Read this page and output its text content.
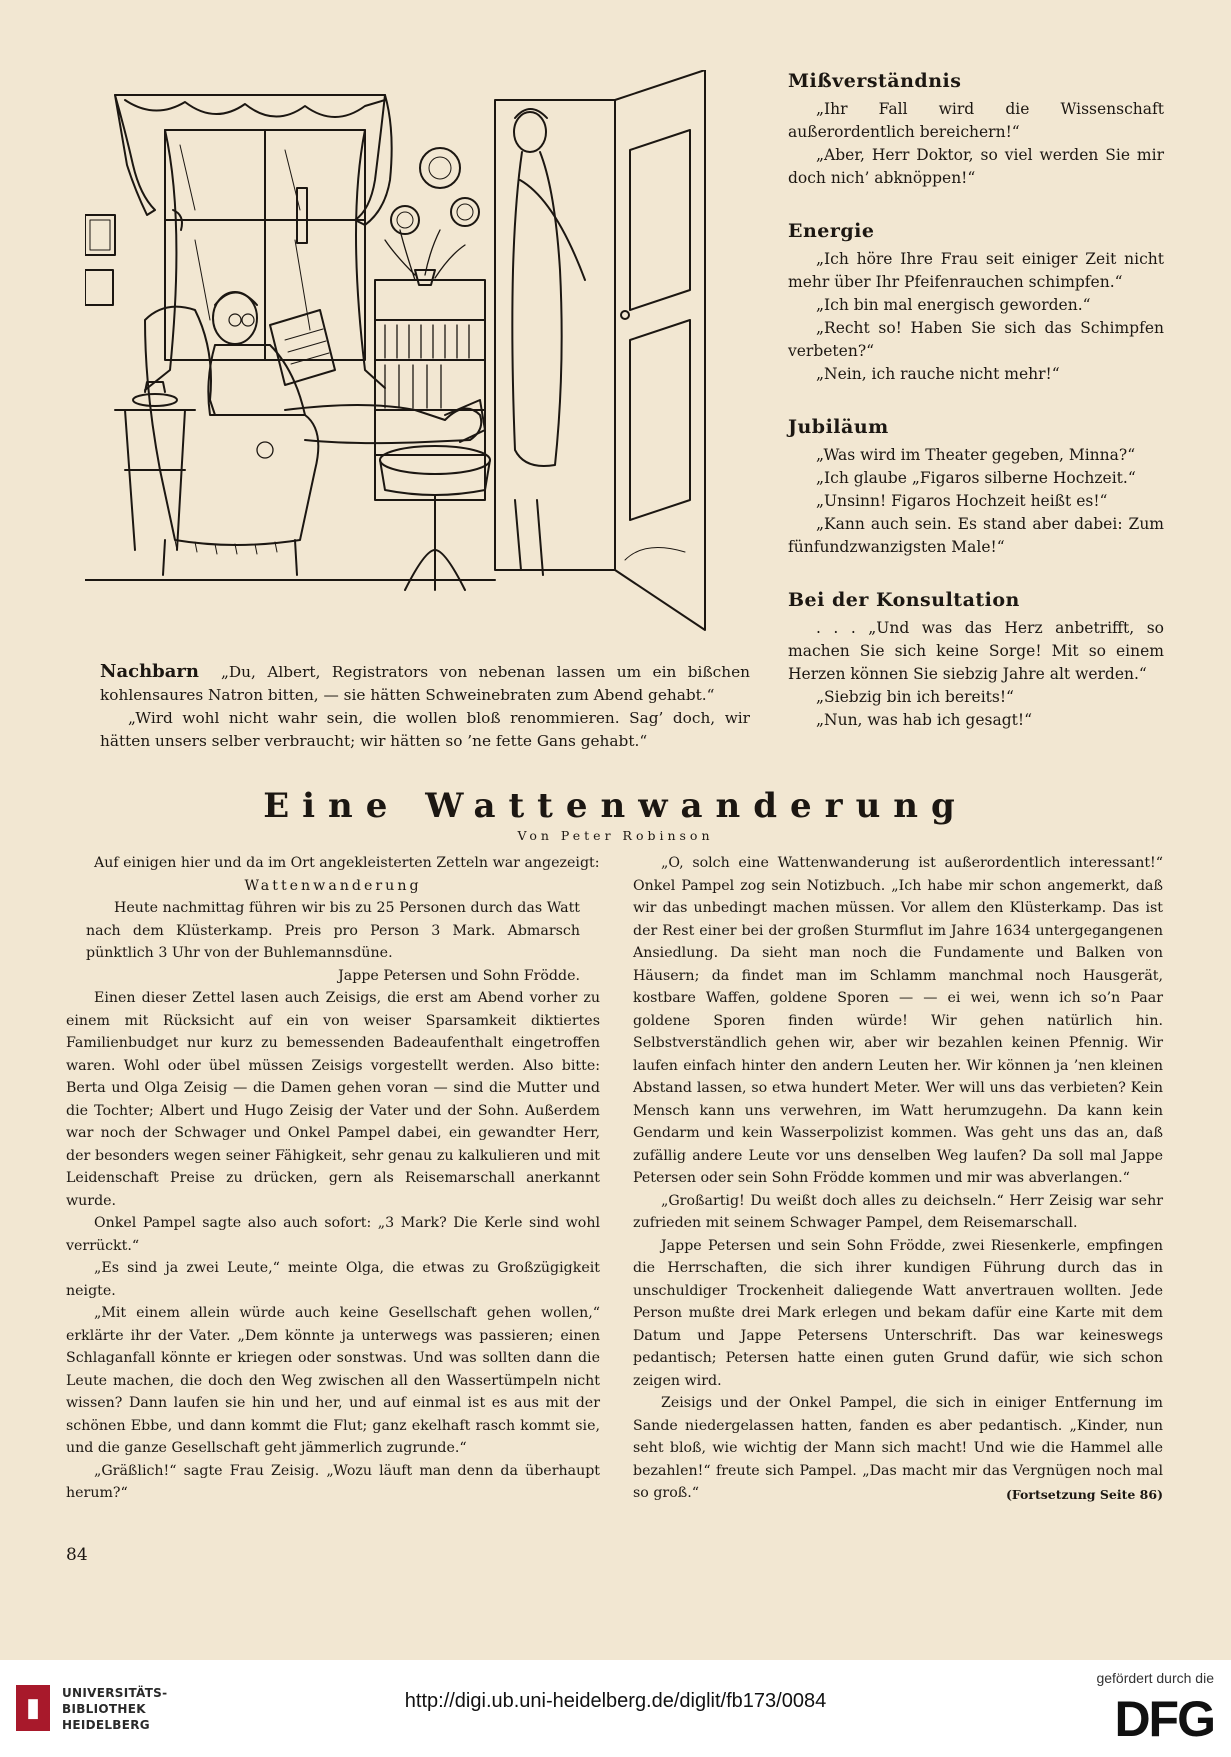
Nachbarn „Du, Albert, Registrators von nebenan lassen um ein bißchen kohlensaures Natron bitten, — sie hätten Schweinebraten zum Abend gehabt.“

„Wird wohl nicht wahr sein, die wollen bloß renommieren. Sag’ doch, wir hätten unsers selber verbraucht; wir hätten so ’ne fette Gans gehabt.“

Mißverständnis

„Ihr Fall wird die Wissenschaft außerordentlich bereichern!“

„Aber, Herr Doktor, so viel werden Sie mir doch nich’ abknöppen!“

Energie

„Ich höre Ihre Frau seit einiger Zeit nicht mehr über Ihr Pfeifenrauchen schimpfen.“

„Ich bin mal energisch geworden.“

„Recht so! Haben Sie sich das Schimpfen verbeten?“

„Nein, ich rauche nicht mehr!“

Jubiläum

„Was wird im Theater gegeben, Minna?“

„Ich glaube „Figaros silberne Hochzeit.“

„Unsinn! Figaros Hochzeit heißt es!“

„Kann auch sein. Es stand aber dabei: Zum fünfundzwanzigsten Male!“

Bei der Konsultation

. . . „Und was das Herz anbetrifft, so machen Sie sich keine Sorge! Mit so einem Herzen können Sie siebzig Jahre alt werden.“

„Siebzig bin ich bereits!“

„Nun, was hab ich gesagt!“

Eine Wattenwanderung
Von Peter Robinson

Auf einigen hier und da im Ort angekleisterten Zetteln war angezeigt:

Wattenwanderung

Heute nachmittag führen wir bis zu 25 Personen durch das Watt nach dem Klüsterkamp. Preis pro Person 3 Mark. Abmarsch pünktlich 3 Uhr von der Buhlemannsdüne.

Jappe Petersen und Sohn Frödde.

Einen dieser Zettel lasen auch Zeisigs, die erst am Abend vorher zu einem mit Rücksicht auf ein von weiser Sparsamkeit diktiertes Familienbudget nur kurz zu bemessenden Badeaufenthalt eingetroffen waren. Wohl oder übel müssen Zeisigs vorgestellt werden. Also bitte: Berta und Olga Zeisig — die Damen gehen voran — sind die Mutter und die Tochter; Albert und Hugo Zeisig der Vater und der Sohn. Außerdem war noch der Schwager und Onkel Pampel dabei, ein gewandter Herr, der besonders wegen seiner Fähigkeit, sehr genau zu kalkulieren und mit Leidenschaft Preise zu drücken, gern als Reisemarschall anerkannt wurde.

Onkel Pampel sagte also auch sofort: „3 Mark? Die Kerle sind wohl verrückt.“

„Es sind ja zwei Leute,“ meinte Olga, die etwas zu Großzügigkeit neigte.

„Mit einem allein würde auch keine Gesellschaft gehen wollen,“ erklärte ihr der Vater. „Dem könnte ja unterwegs was passieren; einen Schlaganfall könnte er kriegen oder sonstwas. Und was sollten dann die Leute machen, die doch den Weg zwischen all den Wassertümpeln nicht wissen? Dann laufen sie hin und her, und auf einmal ist es aus mit der schönen Ebbe, und dann kommt die Flut; ganz ekelhaft rasch kommt sie, und die ganze Gesellschaft geht jämmerlich zugrunde.“

„Gräßlich!“ sagte Frau Zeisig. „Wozu läuft man denn da überhaupt herum?“

„O, solch eine Wattenwanderung ist außerordentlich interessant!“ Onkel Pampel zog sein Notizbuch. „Ich habe mir schon angemerkt, daß wir das unbedingt machen müssen. Vor allem den Klüsterkamp. Das ist der Rest einer bei der großen Sturmflut im Jahre 1634 untergegangenen Ansiedlung. Da sieht man noch die Fundamente und Balken von Häusern; da findet man im Schlamm manchmal noch Hausgerät, kostbare Waffen, goldene Sporen — — ei wei, wenn ich so’n Paar goldene Sporen finden würde! Wir gehen natürlich hin. Selbstverständlich gehen wir, aber wir bezahlen keinen Pfennig. Wir laufen einfach hinter den andern Leuten her. Wir können ja ’nen kleinen Abstand lassen, so etwa hundert Meter. Wer will uns das verbieten? Kein Mensch kann uns verwehren, im Watt herumzugehn. Da kann kein Gendarm und kein Wasserpolizist kommen. Was geht uns das an, daß zufällig andere Leute vor uns denselben Weg laufen? Da soll mal Jappe Petersen oder sein Sohn Frödde kommen und mir was abverlangen.“

„Großartig! Du weißt doch alles zu deichseln.“ Herr Zeisig war sehr zufrieden mit seinem Schwager Pampel, dem Reisemarschall.

Jappe Petersen und sein Sohn Frödde, zwei Riesenkerle, empfingen die Herrschaften, die sich ihrer kundigen Führung durch das in unschuldiger Trockenheit daliegende Watt anvertrauen wollten. Jede Person mußte drei Mark erlegen und bekam dafür eine Karte mit dem Datum und Jappe Petersens Unterschrift. Das war keineswegs pedantisch; Petersen hatte einen guten Grund dafür, wie sich schon zeigen wird.

Zeisigs und der Onkel Pampel, die sich in einiger Entfernung im Sande niedergelassen hatten, fanden es aber pedantisch. „Kinder, nun seht bloß, wie wichtig der Mann sich macht! Und wie die Hammel alle bezahlen!“ freute sich Pampel. „Das macht mir das Vergnügen noch mal so groß.“	(Fortsetzung Seite 86)

84
▮	UNIVERSITÄTS-
BIBLIOTHEK
HEIDELBERG
http://digi.ub.uni-heidelberg.de/diglit/fb173/0084
gefördert durch die
DFG
